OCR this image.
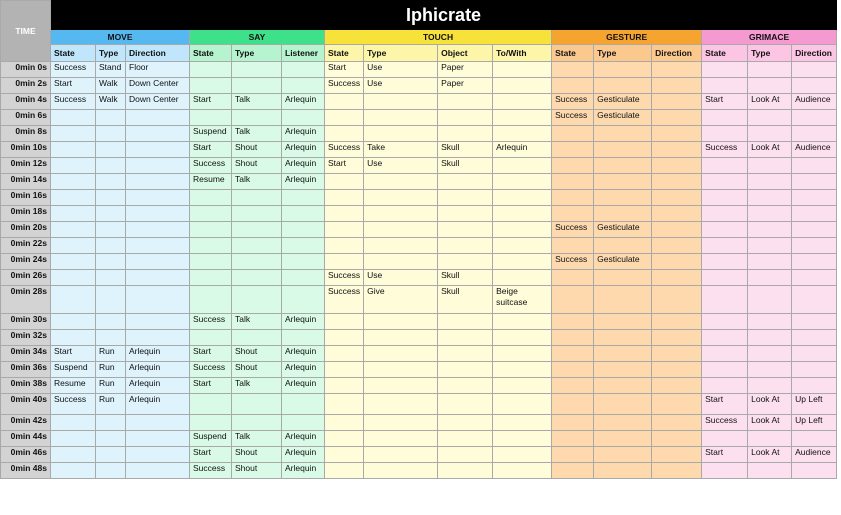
TIME	Iphicrate															
	MOVE			SAY			TOUCH				GESTURE			GRIMACE		
	State	Type	Direction	State	Type	Listener	State	Type	Object	To/With	State	Type	Direction	State	Type	Direction
0min 0s	Success	Stand	Floor				Start	Use	Paper							
0min 2s	Start	Walk	Down Center				Success	Use	Paper							
0min 4s	Success	Walk	Down Center	Start	Talk	Arlequin					Success	Gesticulate		Start	Look At	Audience
0min 6s											Success	Gesticulate				
0min 8s				Suspend	Talk	Arlequin										
0min 10s				Start	Shout	Arlequin	Success	Take	Skull	Arlequin				Success	Look At	Audience
0min 12s				Success	Shout	Arlequin	Start	Use	Skull							
0min 14s				Resume	Talk	Arlequin										
0min 16s																
0min 18s																
0min 20s											Success	Gesticulate				
0min 22s																
0min 24s											Success	Gesticulate				
0min 26s							Success	Use	Skull							
0min 28s							Success	Give	Skull	Beige suitcase						
0min 30s				Success	Talk	Arlequin										
0min 32s																
0min 34s	Start	Run	Arlequin	Start	Shout	Arlequin										
0min 36s	Suspend	Run	Arlequin	Success	Shout	Arlequin										
0min 38s	Resume	Run	Arlequin	Start	Talk	Arlequin										
0min 40s	Success	Run	Arlequin											Start	Look At	Up Left
0min 42s														Success	Look At	Up Left
0min 44s				Suspend	Talk	Arlequin										
0min 46s				Start	Shout	Arlequin								Start	Look At	Audience
0min 48s				Success	Shout	Arlequin										
